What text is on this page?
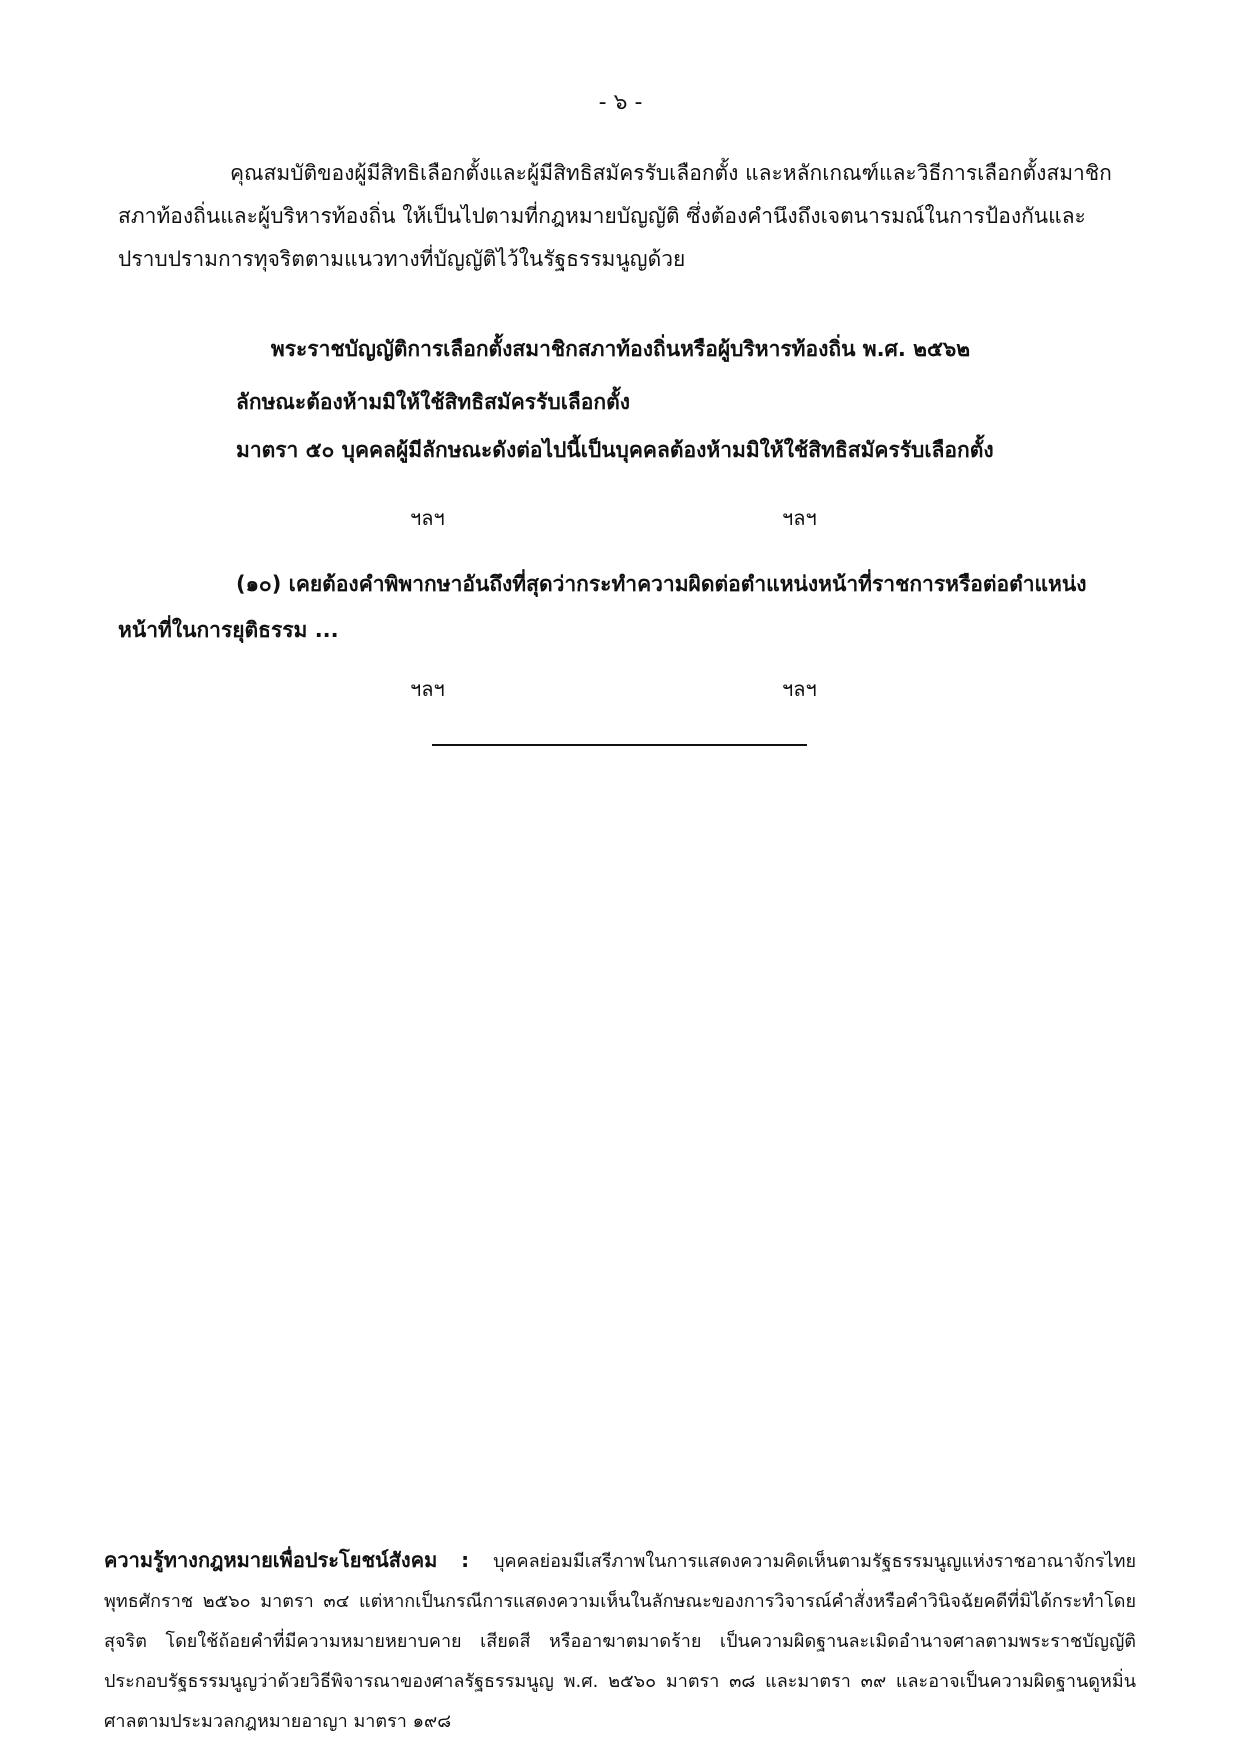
- ๖ -

คุณสมบัติของผู้มีสิทธิเลือกตั้งและผู้มีสิทธิสมัครรับเลือกตั้ง และหลักเกณฑ์และวิธีการเลือกตั้งสมาชิกสภาท้องถิ่นและผู้บริหารท้องถิ่น ให้เป็นไปตามที่กฎหมายบัญญัติ ซึ่งต้องคำนึงถึงเจตนารมณ์ในการป้องกันและปราบปรามการทุจริตตามแนวทางที่บัญญัติไว้ในรัฐธรรมนูญด้วย

พระราชบัญญัติการเลือกตั้งสมาชิกสภาท้องถิ่นหรือผู้บริหารท้องถิ่น พ.ศ. ๒๕๖๒

ลักษณะต้องห้ามมิให้ใช้สิทธิสมัครรับเลือกตั้ง

มาตรา ๕๐ บุคคลผู้มีลักษณะดังต่อไปนี้เป็นบุคคลต้องห้ามมิให้ใช้สิทธิสมัครรับเลือกตั้ง

ฯลฯ	ฯลฯ

(๑๐) เคยต้องคำพิพากษาอันถึงที่สุดว่ากระทำความผิดต่อตำแหน่งหน้าที่ราชการหรือต่อตำแหน่งหน้าที่ในการยุติธรรม ...

ฯลฯ	ฯลฯ

ความรู้ทางกฎหมายเพื่อประโยชน์สังคม  :  บุคคลย่อมมีเสรีภาพในการแสดงความคิดเห็นตามรัฐธรรมนูญแห่งราชอาณาจักรไทย พุทธศักราช ๒๕๖๐ มาตรา ๓๔ แต่หากเป็นกรณีการแสดงความเห็นในลักษณะของการวิจารณ์คำสั่งหรือคำวินิจฉัยคดีที่มิได้กระทำโดยสุจริต โดยใช้ถ้อยคำที่มีความหมายหยาบคาย เสียดสี หรืออาฆาตมาดร้าย เป็นความผิดฐานละเมิดอำนาจศาลตามพระราชบัญญัติประกอบรัฐธรรมนูญว่าด้วยวิธีพิจารณาของศาลรัฐธรรมนูญ พ.ศ. ๒๕๖๐ มาตรา ๓๘ และมาตรา ๓๙ และอาจเป็นความผิดฐานดูหมิ่นศาลตามประมวลกฎหมายอาญา มาตรา ๑๙๘
